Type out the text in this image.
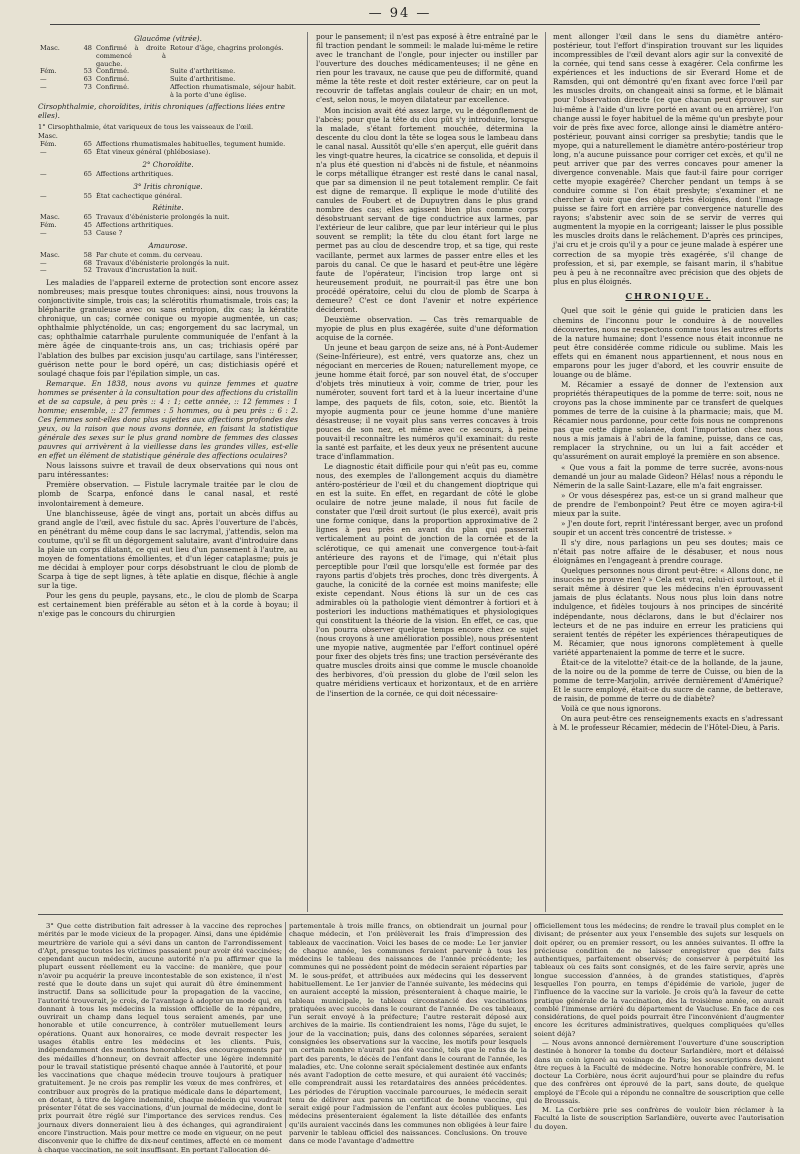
— 94 —
Glaucôme (vitrée).
Masc.	48	Confirmé à droite commencé à gauche.	Retour d'âge, chagrins prolongés.
Fém.	53	Confirmé.	Suite d'arthritisme.
—	63	Confirmé.	Suite d'arthritisme.
—	73	Confirmé.	Affection rhumatismale, séjour habit. à la porte d'une église.
Cirsophthalmie, choroïdites, iritis chroniques (affections liées entre elles).
1° Cirsophthalmie, état variqueux de tous les vaisseaux de l'œil.
Masc.
Fém.	65	Affections rhumatismales habituelles, tegument humide.
—	65	État vineux général (phlébosiase).
2° Choroïdite.
—	65	Affections arthritiques.
3° Iritis chronique.
—	55	État cachectique général.
Rétinite.
Masc.	65	Travaux d'ébénisterie prolongés la nuit.
Fém.	45	Affections arthritiques.
—	53	Cause ?
Amaurose.
Masc.	58	Par chute et comm. du cerveau.
—	68	Travaux d'ébénisterie prolongés la nuit.
—	52	Travaux d'incrustation la nuit.

Les maladies de l'appareil externe de protection sont encore assez nombreuses; mais presque toutes chroniques: ainsi, nous trouvons la conjonctivite simple, trois cas; la sclérotitis rhumatismale, trois cas; la blépharite granuleuse avec ou sans entropion, dix cas; la kératite chronique, un cas; cornée conique ou myopie augmentée, un cas; ophthalmie phlycténoïde, un cas; engorgement du sac lacrymal, un cas; ophthalmie catarrhale purulente communiquée de l'enfant à la mère âgée de cinquante-trois ans, un cas; trichiasis opéré par l'ablation des bulbes par excision jusqu'au cartilage, sans l'intéresser, guérison nette pour le bord opéré, un cas; distichiasis opéré et soulagé chaque fois par l'épilation simple, un cas.

Remarque. En 1838, nous avons vu quinze femmes et quatre hommes se présenter à la consultation pour des affections du cristallin et de sa capsule, à peu près :: 4 : 1; cette année, :: 12 femmes : 1 homme; ensemble, :: 27 femmes : 5 hommes, ou à peu près :: 6 : 2. Ces femmes sont-elles donc plus sujettes aux affections profondes des yeux, ou la raison que nous avons donnée, en faisant la statistique générale des sexes sur le plus grand nombre de femmes des classes pauvres qui arrivèrent à la vieillesse dans les grandes villes, est-elle en effet un élément de statistique générale des affections oculaires?

Nous laissons suivre et travail de deux observations qui nous ont paru intéressantes:

Première observation. — Fistule lacrymale traitée par le clou de plomb de Scarpa, enfoncé dans le canal nasal, et resté involontairement à demeure.

Une blanchisseuse, âgée de vingt ans, portait un abcès diffus au grand angle de l'œil, avec fistule du sac. Après l'ouverture de l'abcès, en pénétrant du même coup dans le sac lacrymal, j'attendis, selon ma coutume, qu'il se fît un dégorgement salutaire, avant d'introduire dans la plaie un corps dilatant, ce qui eut lieu d'un pansement à l'autre, au moyen de fomentations émollientes, et d'un léger cataplasme; puis je me décidai à employer pour corps désobstruant le clou de plomb de Scarpa à tige de sept lignes, à tête aplatie en disque, fléchie à angle sur la tige.

Pour les gens du peuple, paysans, etc., le clou de plomb de Scarpa est certainement bien préférable au séton et à la corde à boyau; il n'exige pas le concours du chirurgien

pour le pansement; il n'est pas exposé à être entraîné par le fil traction pendant le sommeil: le malade lui-même le retire avec le tranchant de l'ongle, pour injecter ou instiller par l'ouverture des douches médicamenteuses; il ne gêne en rien pour les travaux, ne cause que peu de difformité, quand même la tête reste et doit rester extérieure, car on peut la recouvrir de taffetas anglais couleur de chair; en un mot, c'est, selon nous, le moyen dilatateur par excellence.

Mon incision avait été assez large, vu le dégonflement de l'abcès; pour que la tête du clou pût s'y introduire, lorsque la malade, s'étant fortement mouchée, détermina la descente du clou dont la tête se logea sous le lambeau dans le canal nasal. Aussitôt qu'elle s'en aperçut, elle guérit dans les vingt-quatre heures, la cicatrice se consolida, et depuis il n'a plus été question ni d'abcès ni de fistule, et néanmoins le corps métallique étranger est resté dans le canal nasal, que par sa dimension il ne peut totalement remplir. Ce fait est digne de remarque. Il explique le mode d'utilité des canules de Foubert et de Dupuytren dans le plus grand nombre des cas; elles agissent bien plus comme corps désobstruant servant de tige conductrice aux larmes, par l'extérieur de leur calibre, que par leur intérieur qui le plus souvent se remplit; la tête du clou étant fort large ne permet pas au clou de descendre trop, et sa tige, qui reste vacillante, permet aux larmes de passer entre elles et les parois du canal. Ce que le hasard et peut-être une légère faute de l'opérateur, l'incision trop large ont si heureusement produit, ne pourrait-il pas être une bon procédé opératoire, celui du clou de plomb de Scarpa à demeure? C'est ce dont l'avenir et notre expérience décideront.

Deuxième observation. — Cas très remarquable de myopie de plus en plus exagérée, suite d'une déformation acquise de la cornée.

Un jeune et beau garçon de seize ans, né à Pont-Audemer (Seine-Inférieure), est entré, vers quatorze ans, chez un négociant en merceries de Rouen; naturellement myope, ce jeune homme était forcé, par son nouvel état, de s'occuper d'objets très minutieux à voir, comme de trier, pour les numéroter, souvent fort tard et à la lueur incertaine d'une lampe, des paquets de fils, coton, soie, etc. Bientôt la myopie augmenta pour ce jeune homme d'une manière désastreuse; il ne voyait plus sans verres concaves à trois pouces de son nez, et même avec ce secours, à peine pouvait-il reconnaître les numéros qu'il examinait: du reste la santé est parfaite, et les deux yeux ne présentent aucune trace d'inflammation.

Le diagnostic était difficile pour qui n'eût pas eu, comme nous, des exemples de l'allongement acquis du diamètre antéro-postérieur de l'œil et du changement dioptrique qui en est la suite. En effet, en regardant de côté le globe oculaire de notre jeune malade, il nous fut facile de constater que l'œil droit surtout (le plus exercé), avait pris une forme conique, dans la proportion approximative de 2 lignes à peu près en avant du plan qui passerait verticalement au point de jonction de la cornée et de la sclérotique, ce qui amenait une convergence tout-à-fait antérieure des rayons et de l'image, qui n'était plus perceptible pour l'œil que lorsqu'elle est formée par des rayons partis d'objets très proches, donc très divergents. À gauche, la conicité de la cornée est moins manifeste; elle existe cependant. Nous étions là sur un de ces cas admirables où la pathologie vient démontrer à fortiori et à posteriori les inductions mathématiques et physiologiques qui constituent la théorie de la vision. En effet, ce cas, que l'on pourra observer quelque temps encore chez ce sujet (nous croyons à une amélioration possible), nous présentent une myopie native, augmentée par l'effort continuel opéré pour fixer des objets très fins; une traction persévérante des quatre muscles droits ainsi que comme le muscle choanoïde des herbivores, d'où pression du globe de l'œil selon les quatre méridiens verticaux et horizontaux, et de en arrière de l'insertion de la cornée, ce qui doit nécessaire-

ment allonger l'œil dans le sens du diamètre antéro-postérieur, tout l'effort d'inspiration trouvant sur les liquides incompressibles de l'œil devant alors agir sur la convexité de la cornée, qui tend sans cesse à exagérer. Cela confirme les expériences et les inductions de sir Everard Home et de Ramsden, qui ont démontré qu'en fixant avec force l'œil par les muscles droits, on changeait ainsi sa forme, et le blâmait pour l'observation directe (ce que chacun peut éprouver sur lui-même à l'aide d'un livre porté en avant ou en arrière), l'on change aussi le foyer habituel de la même qu'un presbyte pour voir de près fixe avec force, allonge ainsi le diamètre antéro-postérieur, pouvant ainsi corriger sa presbytie; tandis que le myope, qui a naturellement le diamètre antéro-postérieur trop long, n'a aucune puissance pour corriger cet excès, et qu'il ne peut arriver que par des verres concaves pour amener la divergence convenable. Mais que faut-il faire pour corriger cette myopie exagérée? Chercher pendant un temps à se conduire comme si l'on était presbyte; s'examiner et ne chercher à voir que des objets très éloignés, dont l'image puisse se faire fort en arrière par convergence naturelle des rayons; s'abstenir avec soin de se servir de verres qui augmentent la myopie en la corrigeant; laisser le plus possible les muscles droits dans le relâchement. D'après ces principes, j'ai cru et je crois qu'il y a pour ce jeune malade à espérer une correction de sa myopie très exagérée, s'il change de profession, et si, par exemple, se faisant marin, il s'habitue peu à peu à ne reconnaître avec précision que des objets de plus en plus éloignés.

CHRONIQUE.

Quel que soit le génie qui guide le praticien dans les chemins de l'inconnu pour le conduire à de nouvelles découvertes, nous ne respectons comme tous les autres efforts de la nature humaine; dont l'essence nous était inconnue ne peut être considérée comme ridicule ou sublime. Mais les effets qui en émanent nous appartiennent, et nous nous en emparons pour les juger d'abord, et les couvrir ensuite de louange ou de blâme.

M. Récamier a essayé de donner de l'extension aux propriétés thérapeutiques de la pomme de terre: soit, nous ne croyons pas la chose imminente par ce transfert de quelques pommes de terre de la cuisine à la pharmacie; mais, que M. Récamier nous pardonne, pour cette fois nous ne comprenons pas que cette digne solanée, dont l'importation chez nous nous a mis jamais à l'abri de la famine, puisse, dans ce cas, remplacer la strychnine, ou un lui a fait accéder et qu'assurément on aurait employé la première en son absence.

« Que vous a fait la pomme de terre sucrée, avons-nous demandé un jour au malade Gideon? Hélas! nous a répondu le Némerin de la salle Saint-Lazare, elle m'a fait engraisser.

» Or vous désespérez pas, est-ce un si grand malheur que de prendre de l'embonpoint? Peut être ce moyen agira-t-il mieux par la suite.

» J'en doute fort, reprit l'intéressant berger, avec un profond soupir et un accent très concentré de tristesse. »

Il s'y dire, nous parlagions un peu ses doutes; mais ce n'était pas notre affaire de le désabuser, et nous nous éloignâmes en l'engageant à prendre courage.

Quelques personnes nous diront peut-être: « Allons donc, ne insuccès ne prouve rien? » Cela est vrai, celui-ci surtout, et il serait même à désirer que les médecins n'en éprouvassent jamais de plus éclatants. Nous nous plus loin dans notre indulgence, et fidèles toujours à nos principes de sincérité indépendante, nous déclarons, dans le but d'éclairer nos lecteurs et de ne pas induire en erreur les praticiens qui seraient tentés de répéter les expériences thérapeutiques de M. Récamier, que nous ignorons complètement à quelle variété appartenaient la pomme de terre et le sucre.

Était-ce de la vitelotte? était-ce de la hollande, de la jaune, de la noire ou de la pomme de terre de Cuisse, ou bien de la pomme de terre-Marjolin, arrivée dernièrement d'Amérique? Et le sucre employé, était-ce du sucre de canne, de betterave, de raisin, de pomme de terre ou de diabète?

Voilà ce que nous ignorons.

On aura peut-être ces renseignements exacts en s'adressant à M. le professeur Récamier, médecin de l'Hôtel-Dieu, à Paris.

3° Que cette distribution fait adresser à la vaccine des reproches mérités par le mode vicieux de la propager. Ainsi, dans une épidémie meurtrière de variole qui a sévi dans un canton de l'arrondissement d'Apt, presque toutes les victimes passaient pour avoir été vaccinées; cependant aucun médecin, aucune autorité n'a pu affirmer que la plupart eussent réellement eu la vaccine: de manière, que pour n'avoir pu acquérir la preuve incontestable de son existence, il n'est resté que le doute dans un sujet qui aurait dû être éminemment instructif. Dans sa sollicitude pour la propagation de la vaccine, l'autorité trouverait, je crois, de l'avantage à adopter un mode qui, en donnant à tous les médecins la mission officielle de la répandre, ouvrirait un champ dans lequel tous seraient amenés, par une honorable et utile concurrence, à contrôler mutuellement leurs opérations. Quant aux honoraires, ce mode devrait respecter les usages établis entre les médecins et les clients. Puis, indépendamment des mentions honorables, des encouragements par des médailles d'honneur, on devrait affecter une légère indemnité pour le travail statistique présenté chaque année à l'autorité, et pour les vaccinations que chaque médecin trouve toujours à pratiquer gratuitement. Je ne crois pas remplir les vœux de mes confrères, et contribuer aux progrès de la pratique médicale dans le département, en dotant, à titre de légère indemnité, chaque médecin qui voudrait présenter l'état de ses vaccinations, d'un journal de médecine, dont le prix pourrait être réglé sur l'importance des services rendus. Ces journaux divers donneraient lieu à des échanges, qui agrandiraient encore l'instruction. Mais pour mettre ce mode en vigueur, on ne peut disconvenir que le chiffre de dix-neuf centimes, affecté en ce moment à chaque vaccination, ne soit insuffisant. En portant l'allocation dé-

partementale à trois mille francs, on obtiendrait un journal pour chaque médecin, et l'on prélèverait les frais d'impression des tableaux de vaccination. Voici les bases de ce mode: Le 1er janvier de chaque année, les communes feraient parvenir à tous les médecins le tableau des naissances de l'année précédente; les communes qui ne possèdent point de médecin seraient réparties par M. le sous-préfet, et attribuées aux médecins qui les desservent habituellement. Le 1er janvier de l'année suivante, les médecins qui en auraient accepté la mission, présenteraient à chaque mairie, le tableau municipale, le tableau circonstancié des vaccinations pratiquées avec succès dans le courant de l'année. De ces tableaux, l'un serait envoyé à la préfecture; l'autre resterait déposé aux archives de la mairie. Ils contiendraient les noms, l'âge du sujet, le jour de la vaccination; puis, dans des colonnes séparées, seraient consignées les observations sur la vaccine, les motifs pour lesquels un certain nombre n'aurait pas été vacciné, tels que le refus de la part des parents, le décès de l'enfant dans le courant de l'année, les maladies, etc. Une colonne serait spécialement destinée aux enfants nés avant l'adoption de cette mesure, et qui auraient été vaccinés; elle comprendrait aussi les retardataires des années précédentes. Les périodes de l'éruption vaccinale parcourues, le médecin serait tenu de délivrer aux parens un certificat de bonne vaccine, qui serait exigé pour l'admission de l'enfant aux écoles publiques. Les médecins présenteraient également la liste détaillée des enfants qu'ils auraient vaccinés dans les communes non obligées à leur faire parvenir le tableau officiel des naissances. Conclusions. On trouve dans ce mode l'avantage d'admettre

officiellement tous les médecins; de rendre le travail plus complet en le divisant; de présenter aux yeux l'ensemble des sujets sur lesquels on doit opérer, ou en premier ressort, ou les années suivantes. Il offre la précieuse condition de ne laisser enregistrer que des faits authentiques, parfaitement observés; de conserver à perpétuité les tableaux où ces faits sont consignés, et de les faire servir, après une longue succession d'années, à de grandes statistiques, d'après lesquelles l'on pourra, en temps d'épidémie de variole, juger de l'influence de la vaccine sur la variole. Je crois qu'à la faveur de cette pratique générale de la vaccination, dès la troisième année, on aurait comblé l'immense arriéré du département de Vaucluse. En face de ces considérations, de quel poids pourrait être l'inconvénient d'augmenter encore les écritures administratives, quelques compliquées qu'elles soient déjà?

— Nous avons annoncé dernièrement l'ouverture d'une souscription destinée à honorer la tombe du docteur Sarlandière, mort et délaissé dans un coin ignoré au voisinage de Paris; les souscriptions devaient être reçues à la Faculté de médecine. Notre honorable confrère, M. le docteur La Corbière, nous écrit aujourd'hui pour se plaindre du refus que des confrères ont éprouvé de la part, sans doute, de quelque employé de l'École qui a répondu ne connaître de souscription que celle de Broussais.

M. La Corbière prie ses confrères de vouloir bien réclamer à la Faculté la liste de souscription Sarlandière, ouverte avec l'autorisation du doyen.
